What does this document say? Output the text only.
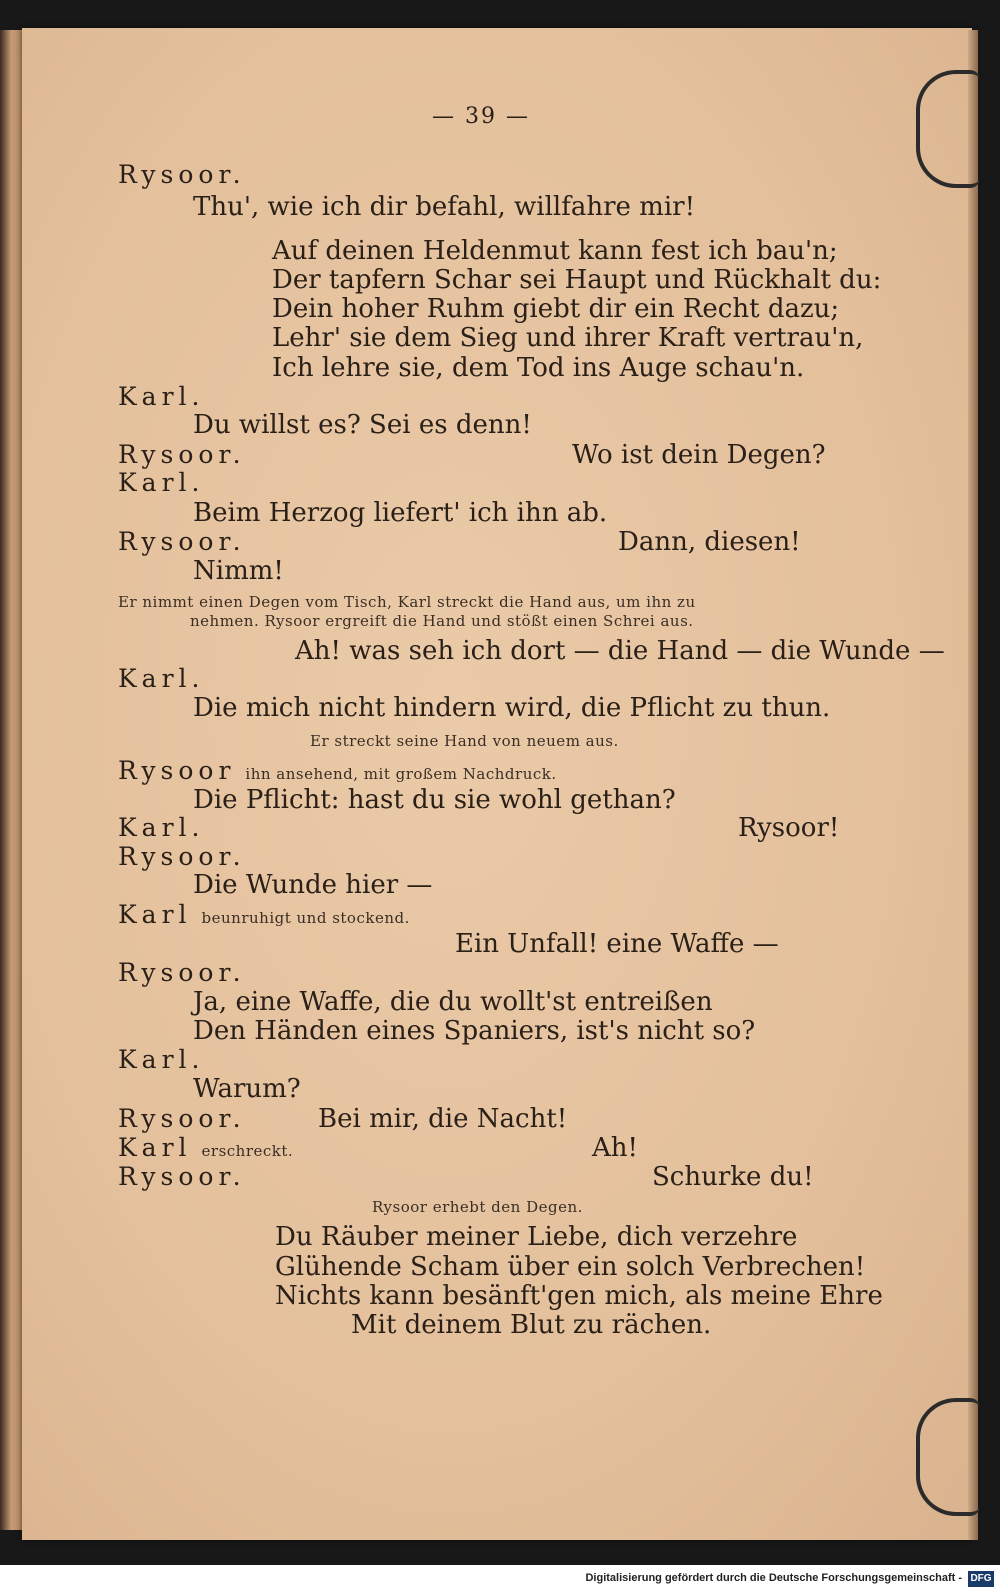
— 39 —
Rysoor.
Thu', wie ich dir befahl, willfahre mir!
Auf deinen Heldenmut kann fest ich bau'n;
Der tapfern Schar sei Haupt und Rückhalt du:
Dein hoher Ruhm giebt dir ein Recht dazu;
Lehr' sie dem Sieg und ihrer Kraft vertrau'n,
Ich lehre sie, dem Tod ins Auge schau'n.
Karl.
Du willst es? Sei es denn!
Rysoor.	Wo ist dein Degen?
Karl.
Beim Herzog liefert' ich ihn ab.
Rysoor.	Dann, diesen!
Nimm!
Er nimmt einen Degen vom Tisch, Karl streckt die Hand aus, um ihn zu
nehmen. Rysoor ergreift die Hand und stößt einen Schrei aus.
Ah! was seh ich dort — die Hand — die Wunde —
Karl.
Die mich nicht hindern wird, die Pflicht zu thun.
Er streckt seine Hand von neuem aus.
Rysoor ihn ansehend, mit großem Nachdruck.
Die Pflicht: hast du sie wohl gethan?
Karl.	Rysoor!
Rysoor.
Die Wunde hier —
Karl beunruhigt und stockend.
Ein Unfall! eine Waffe —
Rysoor.
Ja, eine Waffe, die du wollt'st entreißen
Den Händen eines Spaniers, ist's nicht so?
Karl.
Warum?
Rysoor.	Bei mir, die Nacht!
Karl erschreckt.	Ah!
Rysoor.	Schurke du!
Rysoor erhebt den Degen.
Du Räuber meiner Liebe, dich verzehre
Glühende Scham über ein solch Verbrechen!
Nichts kann besänft'gen mich, als meine Ehre
Mit deinem Blut zu rächen.
Digitalisierung gefördert durch die Deutsche Forschungsgemeinschaft - DFG
